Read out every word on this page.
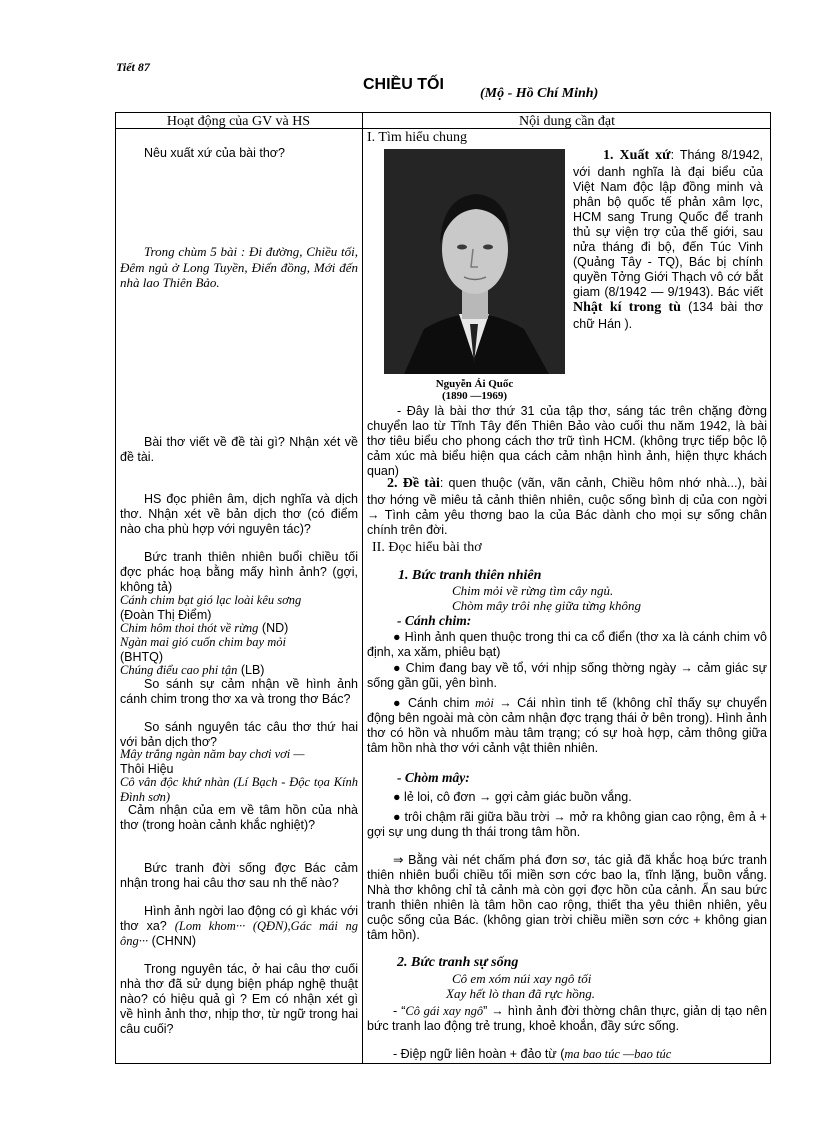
Tiết 87
CHIỀU TỐI
(Mộ - Hồ Chí Minh)
Hoạt động của GV và HS	Nội dung cần đạt

Nêu xuất xứ của bài thơ?

Trong chùm 5 bài : Đi đường, Chiều tối, Đêm ngủ ở Long Tuyền, Điển đồng, Mới đến nhà lao Thiên Bảo.

Bài thơ viết về đề tài gì? Nhận xét về đề tài.

HS đọc phiên âm, dịch nghĩa và dịch thơ. Nhận xét về bản dịch thơ (có điểm nào cha phù hợp với nguyên tác)?

Bức tranh thiên nhiên buổi chiều tối đợc phác hoạ bằng mấy hình ảnh? (gợi, không tả)

Cánh chim bạt gió lạc loài kêu sơng
(Đoàn Thị Điểm)

Chim hôm thoi thót về rừng (ND)

Ngàn mai gió cuốn chim bay mỏi
(BHTQ)

Chúng điểu cao phi tận (LB)

So sánh sự cảm nhận về hình ảnh cánh chim trong thơ xa và trong thơ Bác?

So sánh nguyên tác câu thơ thứ hai với bản dịch thơ?

Mây trắng ngàn năm bay chơi vơi —
Thôi Hiệu

Cô vân độc khứ nhàn (Lí Bạch - Độc tọa Kính Đình sơn)

Cảm nhận của em về tâm hồn của nhà thơ (trong hoàn cảnh khắc nghiệt)?

Bức tranh đời sống đợc Bác cảm nhận trong hai câu thơ sau nh thế nào?

Hình ảnh ngời lao động có gì khác với thơ xa? (Lom khom··· (QĐN),Gác mái ng ông··· (CHNN)

Trong nguyên tác, ở hai câu thơ cuối nhà thơ đã sử dụng biện pháp nghệ thuật nào? có hiệu quả gì ? Em có nhận xét gì về hình ảnh thơ, nhịp thơ, từ ngữ trong hai câu cuối?

I. Tìm hiểu chung
Nguyễn Ái Quốc
(1890 —1969)

1. Xuất xứ: Tháng 8/1942, với danh nghĩa là đại biểu của Việt Nam độc lập đồng minh và phân bộ quốc tế phản xâm lợc, HCM sang Trung Quốc để tranh thủ sự viện trợ của thế giới, sau nửa tháng đi bộ, đến Túc Vinh (Quảng Tây - TQ), Bác bị chính quyền Tởng Giới Thạch vô cớ bắt giam (8/1942 — 9/1943). Bác viết Nhật kí trong tù (134 bài thơ chữ Hán ).

- Đây là bài thơ thứ 31 của tập thơ, sáng tác trên chặng đờng chuyển lao từ Tĩnh Tây đến Thiên Bảo vào cuối thu năm 1942, là bài thơ tiêu biểu cho phong cách thơ trữ tình HCM. (không trực tiếp bộc lộ cảm xúc mà biểu hiện qua cách cảm nhận hình ảnh, hiện thực khách quan)

2. Đề tài: quen thuộc (vãn, vãn cảnh, Chiều hôm nhớ nhà...), bài thơ hớng về miêu tả cảnh thiên nhiên, cuộc sống bình dị của con ngời → Tình cảm yêu thơng bao la của Bác dành cho mọi sự sống chân chính trên đời.

II. Đọc hiểu bài thơ
1. Bức tranh thiên nhiên
Chim mỏi về rừng tìm cây ngủ.
Chòm mây trôi nhẹ giữa từng không
- Cánh chim:

● Hình ảnh quen thuộc trong thi ca cổ điển (thơ xa là cánh chim vô định, xa xăm, phiêu bạt)

● Chim đang bay về tổ, với nhịp sống thờng ngày → cảm giác sự sống gần gũi, yên bình.

● Cánh chim mỏi → Cái nhìn tinh tế (không chỉ thấy sự chuyển động bên ngoài mà còn cảm nhận đợc trạng thái ở bên trong). Hình ảnh thơ có hồn và nhuốm màu tâm trạng; có sự hoà hợp, cảm thông giữa tâm hồn nhà thơ với cảnh vật thiên nhiên.

- Chòm mây:

● lẻ loi, cô đơn → gợi cảm giác buồn vắng.

● trôi chậm rãi giữa bầu trời → mở ra không gian cao rộng, êm ả + gợi sự ung dung th thái trong tâm hồn.

⇒ Bằng vài nét chấm phá đơn sơ, tác giả đã khắc hoạ bức tranh thiên nhiên buổi chiều tối miền sơn cớc bao la, tĩnh lặng, buồn vắng. Nhà thơ không chỉ tả cảnh mà còn gợi đợc hồn của cảnh. Ẩn sau bức tranh thiên nhiên là tâm hồn cao rộng, thiết tha yêu thiên nhiên, yêu cuộc sống của Bác. (không gian trời chiều miền sơn cớc + không gian tâm hồn).

2. Bức tranh sự sống
Cô em xóm núi xay ngô tối
Xay hết lò than đã rực hồng.

- “Cô gái xay ngô” → hình ảnh đời thờng chân thực, giản dị tạo nên bức tranh lao động trẻ trung, khoẻ khoắn, đầy sức sống.

- Điệp ngữ liên hoàn + đảo từ (ma bao túc —bao túc
